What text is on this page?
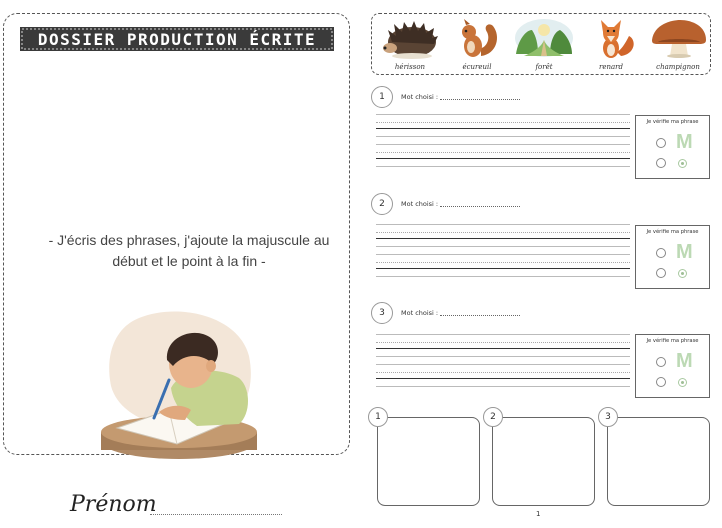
DOSSIER PRODUCTION ÉCRITE
- J'écris des phrases, j'ajoute la majuscule au début et le point à la fin -
Prénom
hérisson	écureuil	forêt	renard	champignon
1	Mot choisi :
Je vérifie ma phrase
M
2	Mot choisi :
Je vérifie ma phrase
M
3	Mot choisi :
Je vérifie ma phrase
M
1	2	3
1
